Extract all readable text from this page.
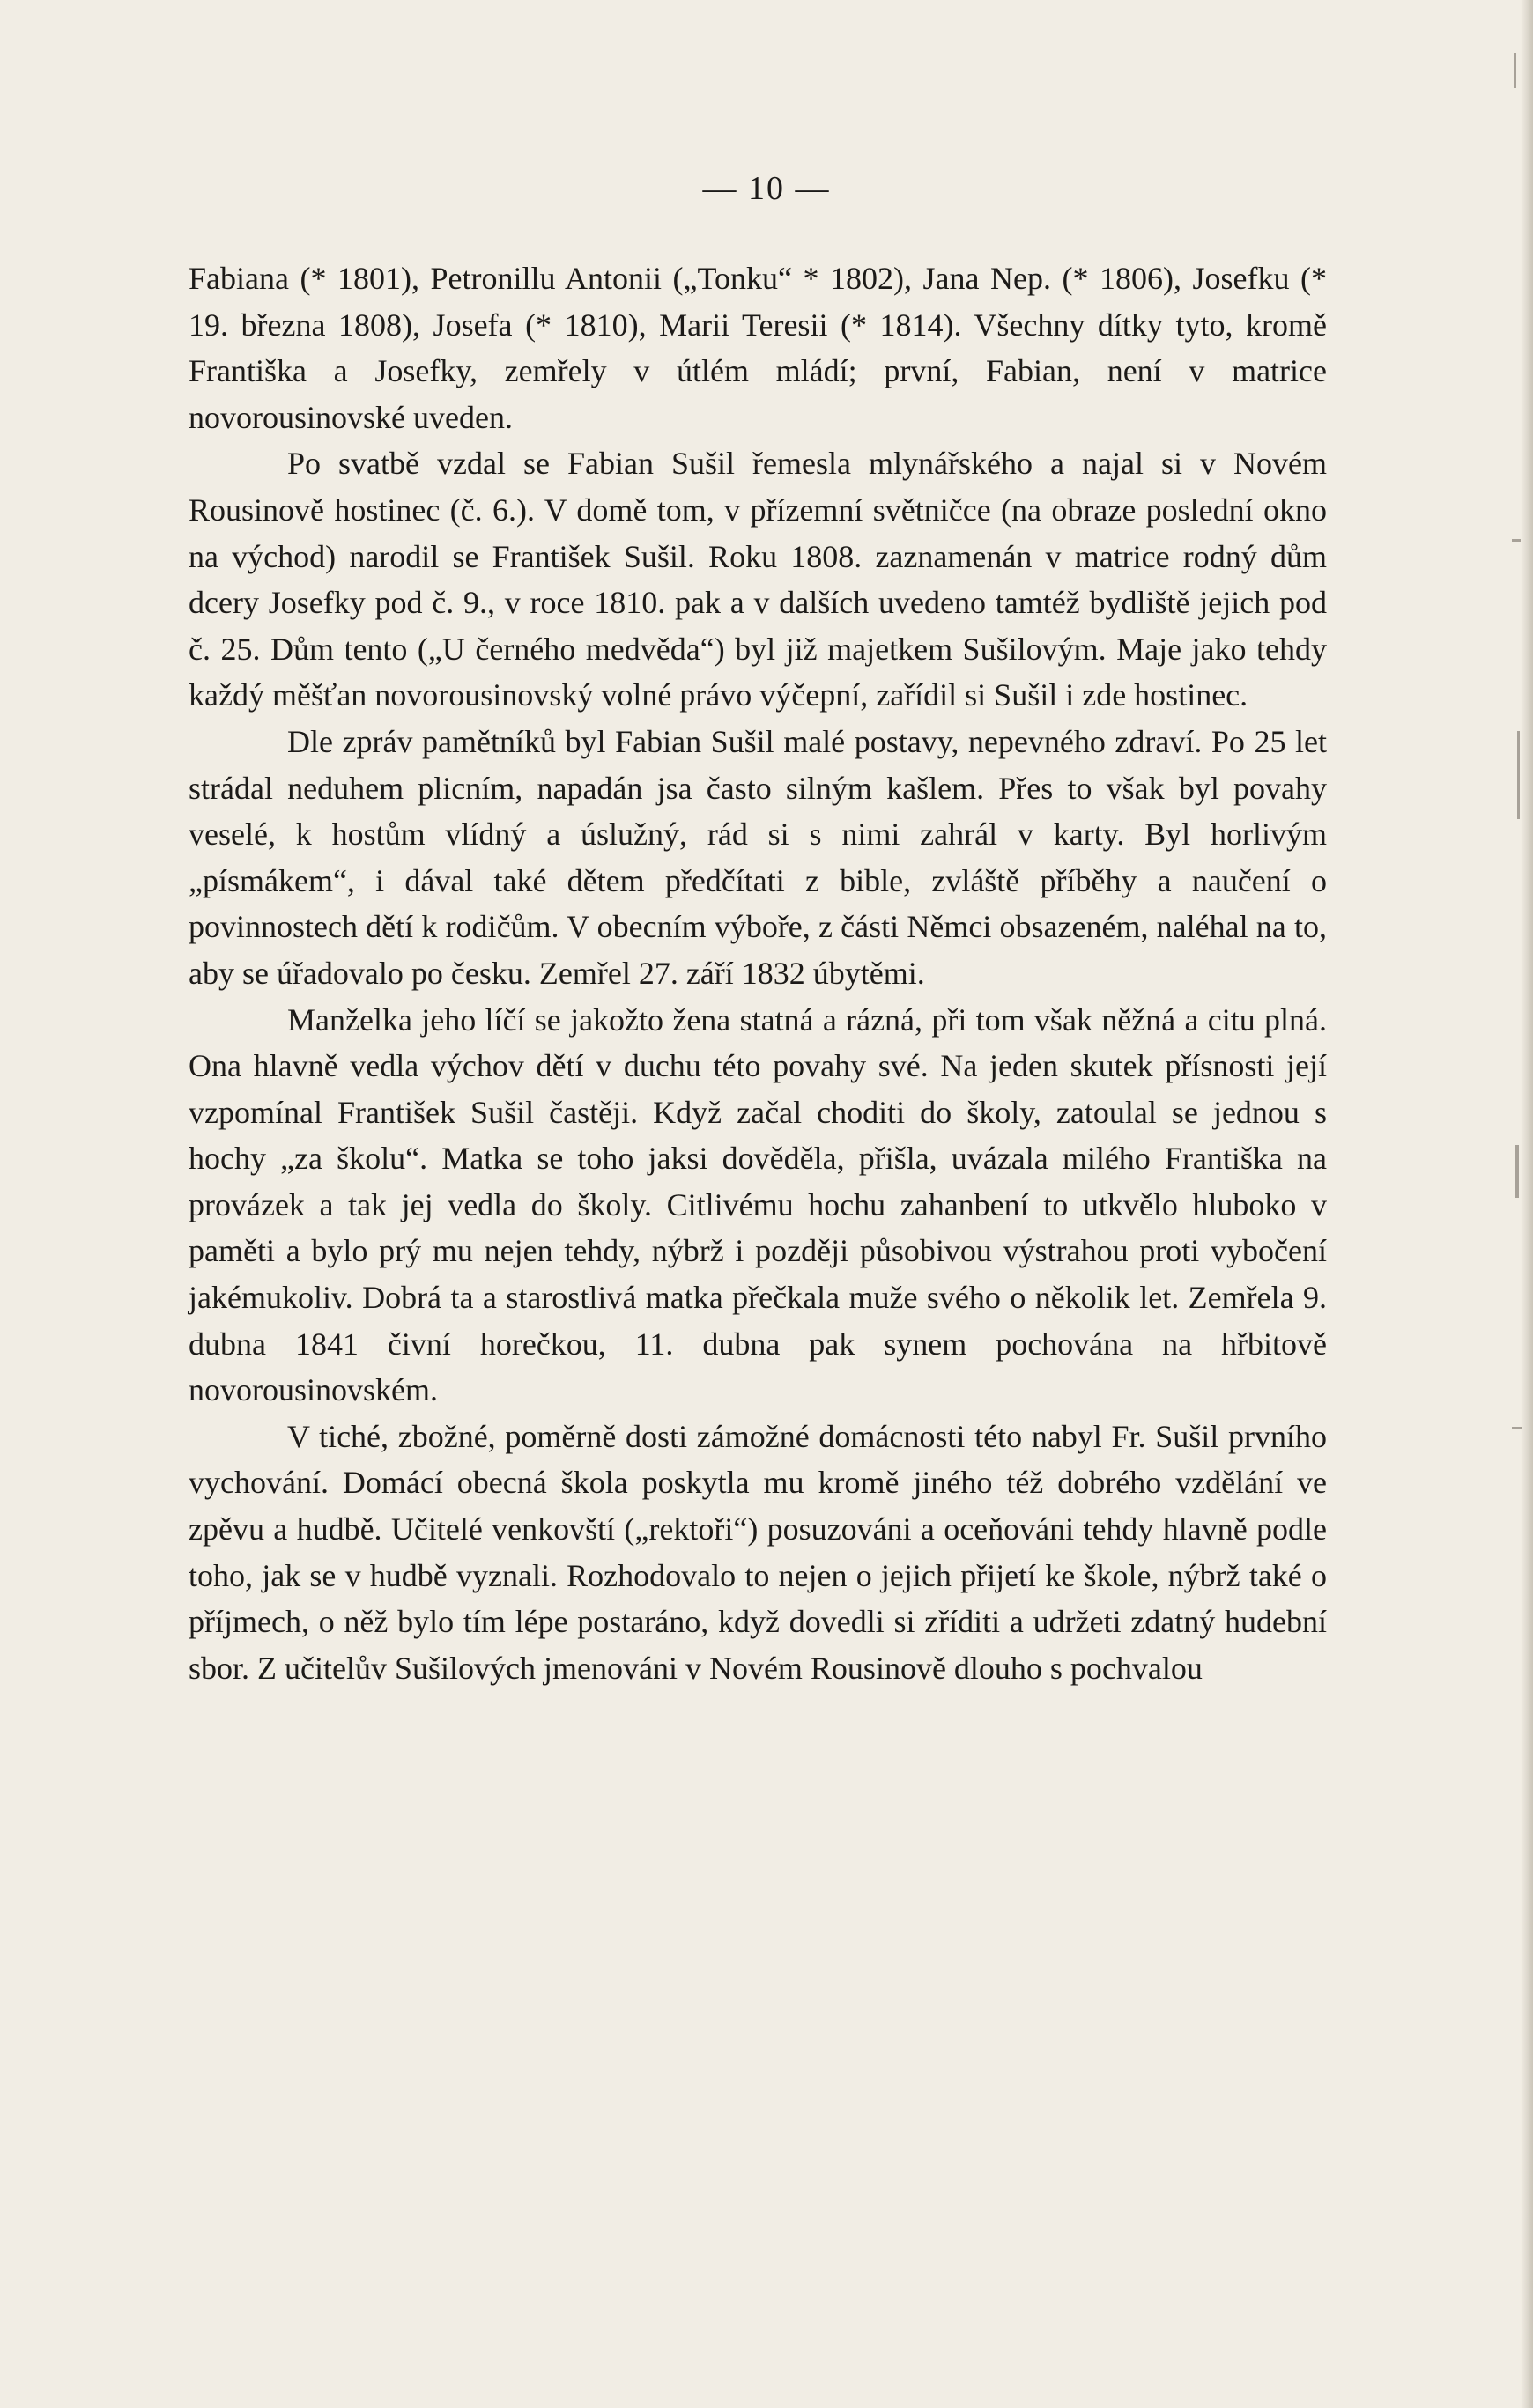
— 10 —

Fabiana (* 1801), Petronillu Antonii („Tonku“ * 1802), Jana Nep. (* 1806), Josefku (* 19. března 1808), Josefa (* 1810), Marii Teresii (* 1814). Všechny dítky tyto, kromě Františka a Josefky, zemřely v útlém mládí; první, Fabian, není v matrice novorousinovské uveden.

Po svatbě vzdal se Fabian Sušil řemesla mlynářského a najal si v Novém Rousinově hostinec (č. 6.). V domě tom, v přízemní světničce (na obraze poslední okno na východ) narodil se František Sušil. Roku 1808. zaznamenán v matrice rodný dům dcery Josefky pod č. 9., v roce 1810. pak a v dalších uvedeno tamtéž bydliště jejich pod č. 25. Dům tento („U černého medvěda“) byl již majetkem Sušilovým. Maje jako tehdy každý měšťan novorousinovský volné právo výčepní, zařídil si Sušil i zde hostinec.

Dle zpráv pamětníků byl Fabian Sušil malé postavy, nepevného zdraví. Po 25 let strádal neduhem plicním, napadán jsa často silným kašlem. Přes to však byl povahy veselé, k hostům vlídný a úslužný, rád si s nimi zahrál v karty. Byl horlivým „písmákem“, i dával také dětem předčítati z bible, zvláště příběhy a naučení o povinnostech dětí k rodičům. V obecním výboře, z části Němci obsazeném, naléhal na to, aby se úřadovalo po česku. Zemřel 27. září 1832 úbytěmi.

Manželka jeho líčí se jakožto žena statná a rázná, při tom však něžná a citu plná. Ona hlavně vedla výchov dětí v duchu této povahy své. Na jeden skutek přísnosti její vzpomínal František Sušil častěji. Když začal choditi do školy, zatoulal se jednou s hochy „za školu“. Matka se toho jaksi dověděla, přišla, uvázala milého Františka na provázek a tak jej vedla do školy. Citlivému hochu zahanbení to utkvělo hluboko v paměti a bylo prý mu nejen tehdy, nýbrž i později působivou výstrahou proti vybočení jakémukoliv. Dobrá ta a starostlivá matka přečkala muže svého o několik let. Zemřela 9. dubna 1841 čivní horečkou, 11. dubna pak synem pochována na hřbitově novorousinovském.

V tiché, zbožné, poměrně dosti zámožné domácnosti této nabyl Fr. Sušil prvního vychování. Domácí obecná škola poskytla mu kromě jiného též dobrého vzdělání ve zpěvu a hudbě. Učitelé venkovští („rektoři“) posuzováni a oceňováni tehdy hlavně podle toho, jak se v hudbě vyznali. Rozhodovalo to nejen o jejich přijetí ke škole, nýbrž také o příjmech, o něž bylo tím lépe postaráno, když dovedli si zříditi a udržeti zdatný hudební sbor. Z učitelův Sušilových jmenováni v Novém Rousinově dlouho s pochvalou
